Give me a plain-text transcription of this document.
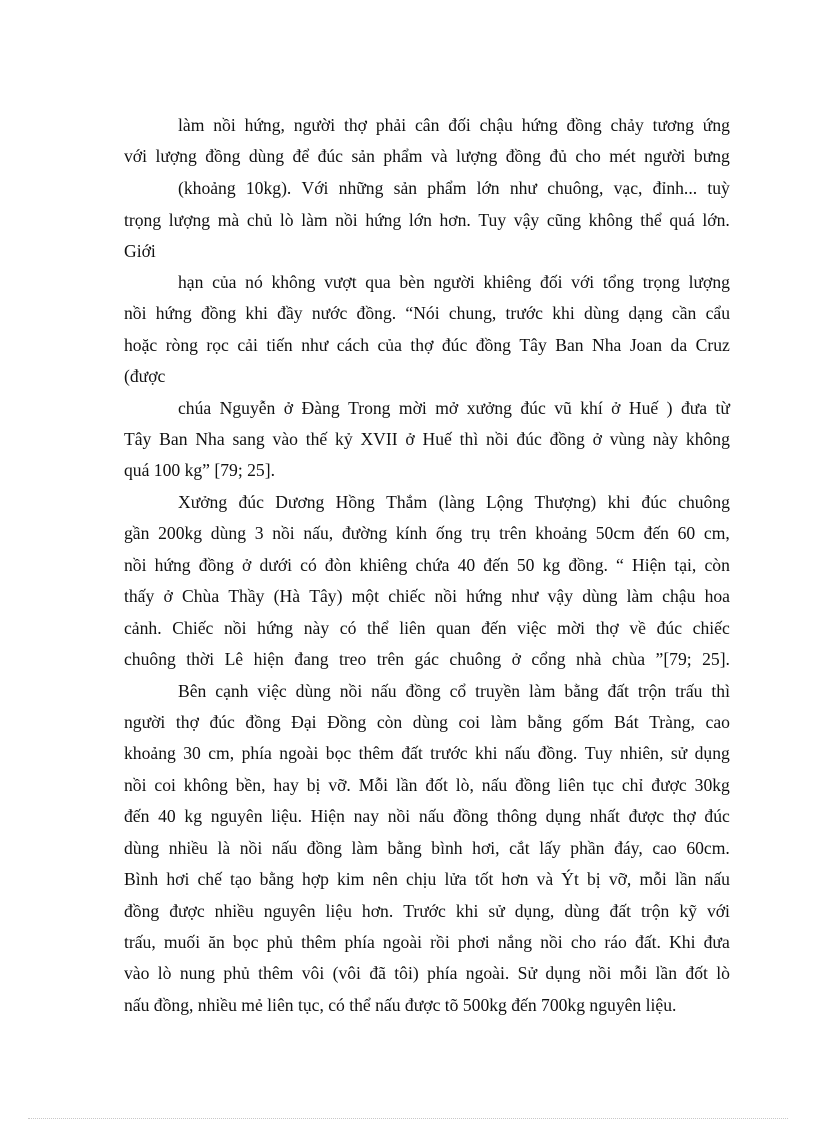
làm nồi hứng, người thợ phải cân đối chậu hứng đồng chảy tương ứng
với lượng đồng dùng để đúc sản phẩm và lượng đồng đủ cho mét người bưng
(khoảng 10kg). Với những sản phẩm lớn như chuông, vạc, đỉnh... tuỳ
trọng lượng mà chủ lò làm nồi hứng lớn hơn. Tuy vậy cũng không thể quá lớn.
Giới
hạn của nó không vượt qua bèn người khiêng đối với tổng trọng lượng
nồi hứng đồng khi đầy nước đồng. “Nói chung, trước khi dùng dạng cần cẩu
hoặc ròng rọc cải tiến như cách của thợ đúc đồng Tây Ban Nha Joan da Cruz
(được
chúa Nguyễn ở Đàng Trong mời mở xưởng đúc vũ khí ở Huế ) đưa từ
Tây Ban Nha sang vào thế kỷ XVII ở Huế thì nồi đúc đồng ở vùng này không
quá 100 kg” [79; 25].
Xưởng đúc Dương Hồng Thắm (làng Lộng Thượng) khi đúc chuông
gần 200kg dùng 3 nồi nấu, đường kính ống trụ trên khoảng 50cm đến 60 cm,
nồi hứng đồng ở dưới có đòn khiêng chứa 40 đến 50 kg đồng. “ Hiện tại, còn
thấy ở Chùa Thầy (Hà Tây) một chiếc nồi hứng như vậy dùng làm chậu hoa
cảnh. Chiếc nồi hứng này có thể liên quan đến việc mời thợ về đúc chiếc
chuông thời Lê hiện đang treo trên gác chuông ở cổng nhà chùa ”[79; 25].
Bên cạnh việc dùng nồi nấu đồng cổ truyền làm bằng đất trộn trấu thì
người thợ đúc đồng Đại Đồng còn dùng coi làm bằng gốm Bát Tràng, cao
khoảng 30 cm, phía ngoài bọc thêm đất trước khi nấu đồng. Tuy nhiên, sử dụng
nồi coi không bền, hay bị vỡ. Mỗi lần đốt lò, nấu đồng liên tục chỉ được 30kg
đến 40 kg nguyên liệu. Hiện nay nồi nấu đồng thông dụng nhất được thợ đúc
dùng nhiều là nồi nấu đồng làm bằng bình hơi, cắt lấy phần đáy, cao 60cm.
Bình hơi chế tạo bằng hợp kim nên chịu lửa tốt hơn và Ýt bị vỡ, mỗi lần nấu
đồng được nhiều nguyên liệu hơn. Trước khi sử dụng, dùng đất trộn kỹ với
trấu, muối ăn bọc phủ thêm phía ngoài rồi phơi nắng nồi cho ráo đất. Khi đưa
vào lò nung phủ thêm vôi (vôi đã tôi) phía ngoài. Sử dụng nồi mỗi lần đốt lò
nấu đồng, nhiều mẻ liên tục, có thể nấu được tõ 500kg đến 700kg nguyên liệu.
